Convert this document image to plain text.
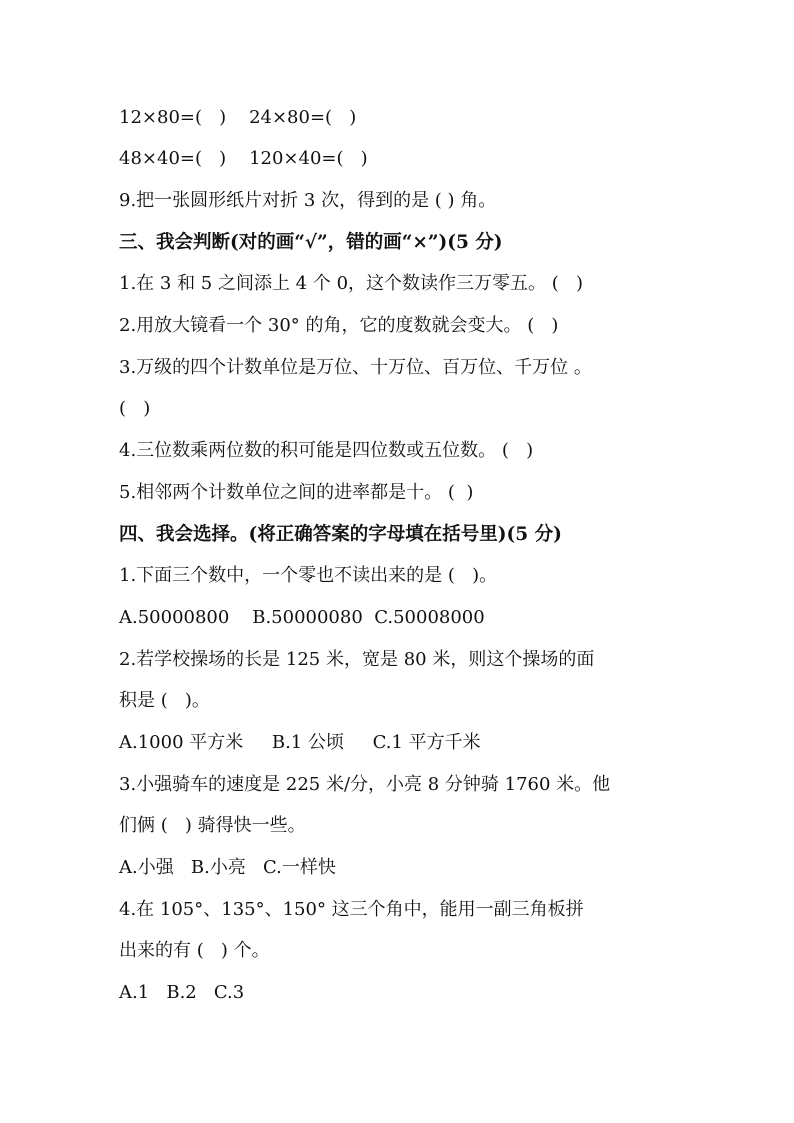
12×80=(   )    24×80=(   )
48×40=(   )    120×40=(   )
9.把一张圆形纸片对折 3 次，得到的是 ( ) 角。
三、我会判断(对的画“√”，错的画“×”)(5 分)
1.在 3 和 5 之间添上 4 个 0，这个数读作三万零五。 (   )
2.用放大镜看一个 30° 的角，它的度数就会变大。 (   )
3.万级的四个计数单位是万位、十万位、百万位、千万位 。
(   )
4.三位数乘两位数的积可能是四位数或五位数。 (   )
5.相邻两个计数单位之间的进率都是十。 (  )
四、我会选择。(将正确答案的字母填在括号里)(5 分)
1.下面三个数中，一个零也不读出来的是 (   )。
A.50000800    B.50000080  C.50008000
2.若学校操场的长是 125 米，宽是 80 米，则这个操场的面
积是 (   )。
A.1000 平方米     B.1 公顷     C.1 平方千米
3.小强骑车的速度是 225 米/分，小亮 8 分钟骑 1760 米。他
们俩 (   ) 骑得快一些。
A.小强   B.小亮   C.一样快
4.在 105°、135°、150° 这三个角中，能用一副三角板拼
出来的有 (   ) 个。
A.1   B.2   C.3
